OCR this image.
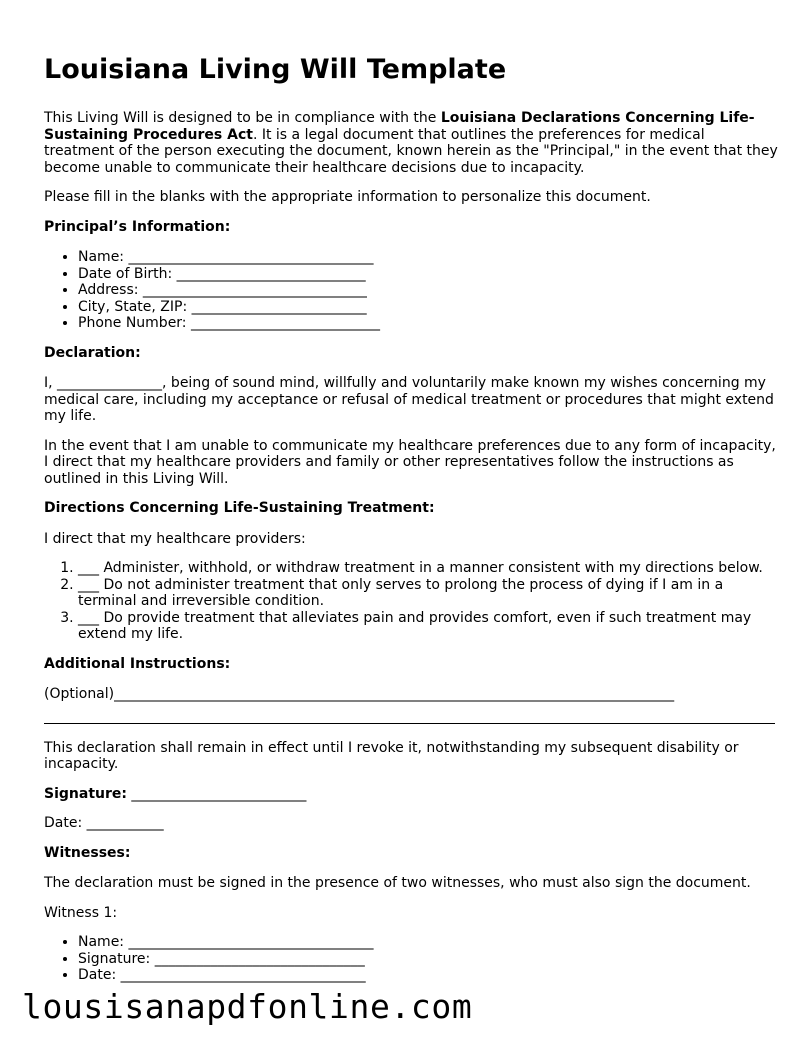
Louisiana Living Will Template

This Living Will is designed to be in compliance with the Louisiana Declarations Concerning Life-Sustaining Procedures Act. It is a legal document that outlines the preferences for medical treatment of the person executing the document, known herein as the "Principal," in the event that they become unable to communicate their healthcare decisions due to incapacity.

Please fill in the blanks with the appropriate information to personalize this document.

Principal’s Information:
• Name: ___________________________________
• Date of Birth: ___________________________
• Address: ________________________________
• City, State, ZIP: _________________________
• Phone Number: ___________________________
Declaration:

I, _______________, being of sound mind, willfully and voluntarily make known my wishes concerning my medical care, including my acceptance or refusal of medical treatment or procedures that might extend my life.

In the event that I am unable to communicate my healthcare preferences due to any form of incapacity, I direct that my healthcare providers and family or other representatives follow the instructions as outlined in this Living Will.

Directions Concerning Life-Sustaining Treatment:

I direct that my healthcare providers:

1. ___ Administer, withhold, or withdraw treatment in a manner consistent with my directions below.
2. ___ Do not administer treatment that only serves to prolong the process of dying if I am in a terminal and irreversible condition.
3. ___ Do provide treatment that alleviates pain and provides comfort, even if such treatment may extend my life.
Additional Instructions:
(Optional)________________________________________________________________________________

This declaration shall remain in effect until I revoke it, notwithstanding my subsequent disability or incapacity.

Signature: _________________________

Date: ___________

Witnesses:

The declaration must be signed in the presence of two witnesses, who must also sign the document.

Witness 1:

• Name: ___________________________________
• Signature: ______________________________
• Date: ___________________________________
lousisanapdfonline.com
